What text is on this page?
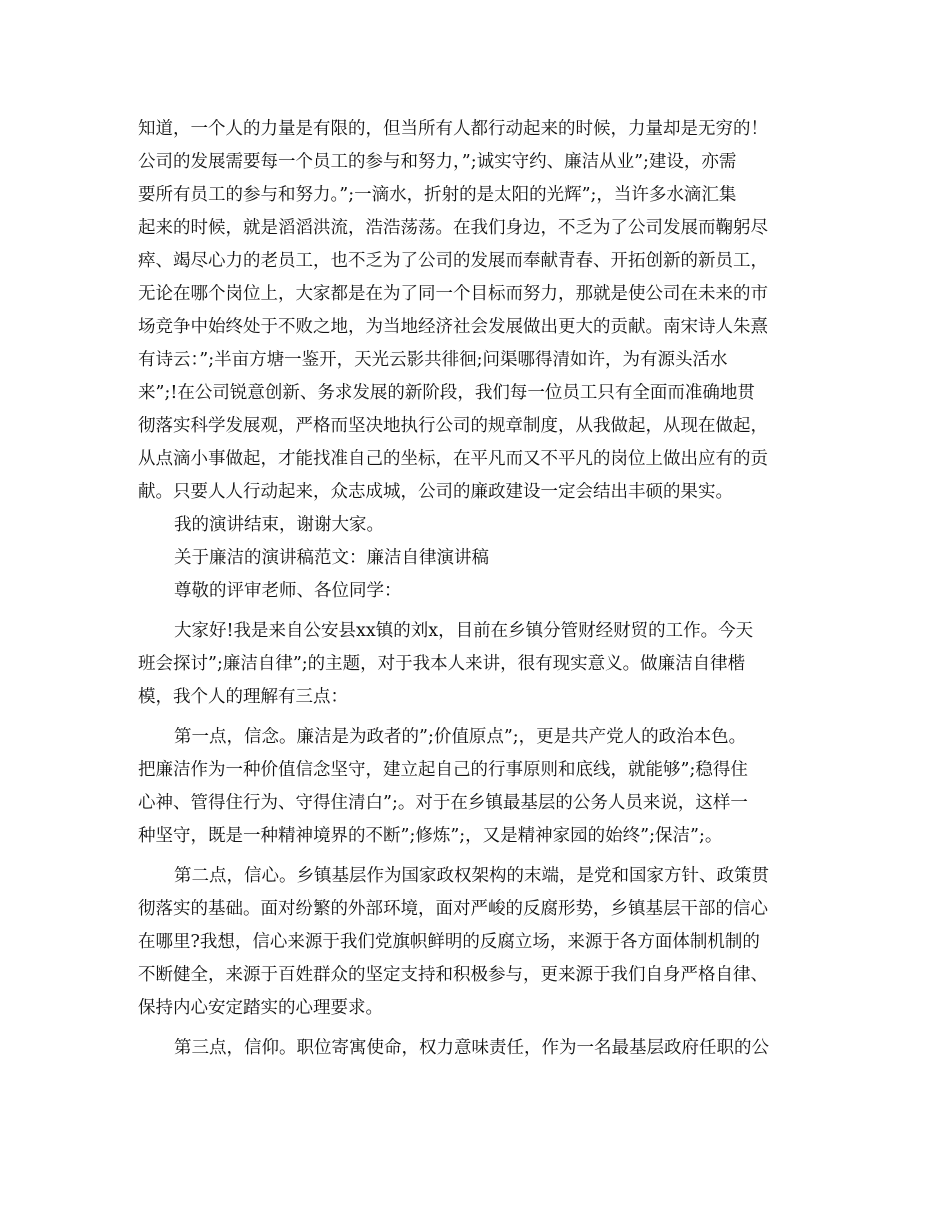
知道，一个人的力量是有限的，但当所有人都行动起来的时候，力量却是无穷的！
公司的发展需要每一个员工的参与和努力，”;诚实守约、廉洁从业”;建设，亦需
要所有员工的参与和努力。”;一滴水，折射的是太阳的光辉”;，当许多水滴汇集
起来的时候，就是滔滔洪流，浩浩荡荡。在我们身边，不乏为了公司发展而鞠躬尽
瘁、竭尽心力的老员工，也不乏为了公司的发展而奉献青春、开拓创新的新员工，
无论在哪个岗位上，大家都是在为了同一个目标而努力，那就是使公司在未来的市
场竞争中始终处于不败之地，为当地经济社会发展做出更大的贡献。南宋诗人朱熹
有诗云：”;半亩方塘一鉴开，天光云影共徘徊;问渠哪得清如许，为有源头活水
来”;!在公司锐意创新、务求发展的新阶段，我们每一位员工只有全面而准确地贯
彻落实科学发展观，严格而坚决地执行公司的规章制度，从我做起，从现在做起，
从点滴小事做起，才能找准自己的坐标，在平凡而又不平凡的岗位上做出应有的贡
献。只要人人行动起来，众志成城，公司的廉政建设一定会结出丰硕的果实。
我的演讲结束，谢谢大家。
关于廉洁的演讲稿范文：廉洁自律演讲稿
尊敬的评审老师、各位同学：
大家好!我是来自公安县xx镇的刘x，目前在乡镇分管财经财贸的工作。今天
班会探讨”;廉洁自律”;的主题，对于我本人来讲，很有现实意义。做廉洁自律楷
模，我个人的理解有三点：
第一点，信念。廉洁是为政者的”;价值原点”;，更是共产党人的政治本色。
把廉洁作为一种价值信念坚守，建立起自己的行事原则和底线，就能够”;稳得住
心神、管得住行为、守得住清白”;。对于在乡镇最基层的公务人员来说，这样一
种坚守，既是一种精神境界的不断”;修炼”;，又是精神家园的始终”;保洁”;。
第二点，信心。乡镇基层作为国家政权架构的末端，是党和国家方针、政策贯
彻落实的基础。面对纷繁的外部环境，面对严峻的反腐形势，乡镇基层干部的信心
在哪里?我想，信心来源于我们党旗帜鲜明的反腐立场，来源于各方面体制机制的
不断健全，来源于百姓群众的坚定支持和积极参与，更来源于我们自身严格自律、
保持内心安定踏实的心理要求。
第三点，信仰。职位寄寓使命，权力意味责任，作为一名最基层政府任职的公
